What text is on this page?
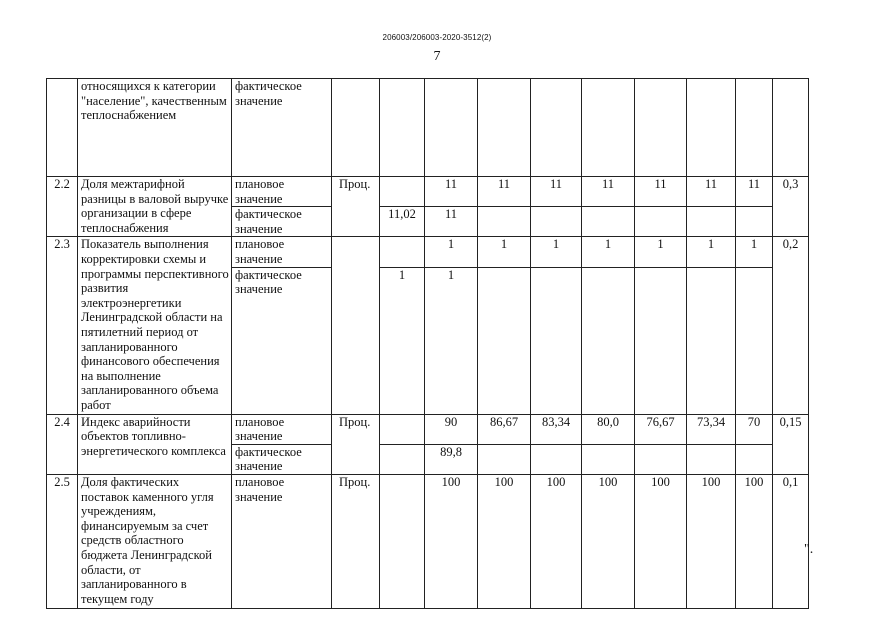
206003/206003-2020-3512(2)
7
	относящихся к категории "население", качественным теплоснабжением	фактическое значение										
2.2	Доля межтарифной разницы в валовой выручке организации в сфере теплоснабжения	плановое значение	Проц.		11	11	11	11	11	11	11	0,3
		фактическое значение		11,02	11							
2.3	Показатель выполнения корректировки схемы и программы перспективного развития электроэнергетики Ленинградской области на пятилетний период от запланированного финансового обеспечения на выполнение запланированного объема работ	плановое значение			1	1	1	1	1	1	1	0,2
		фактическое значение		1	1							
2.4	Индекс аварийности объектов топливно-энергетического комплекса	плановое значение	Проц.		90	86,67	83,34	80,0	76,67	73,34	70	0,15
		фактическое значение			89,8							
2.5	Доля фактических поставок каменного угля учреждениям, финансируемым за счет средств областного бюджета Ленинградской области, от запланированного в текущем году	плановое значение	Проц.		100	100	100	100	100	100	100	0,1
".
